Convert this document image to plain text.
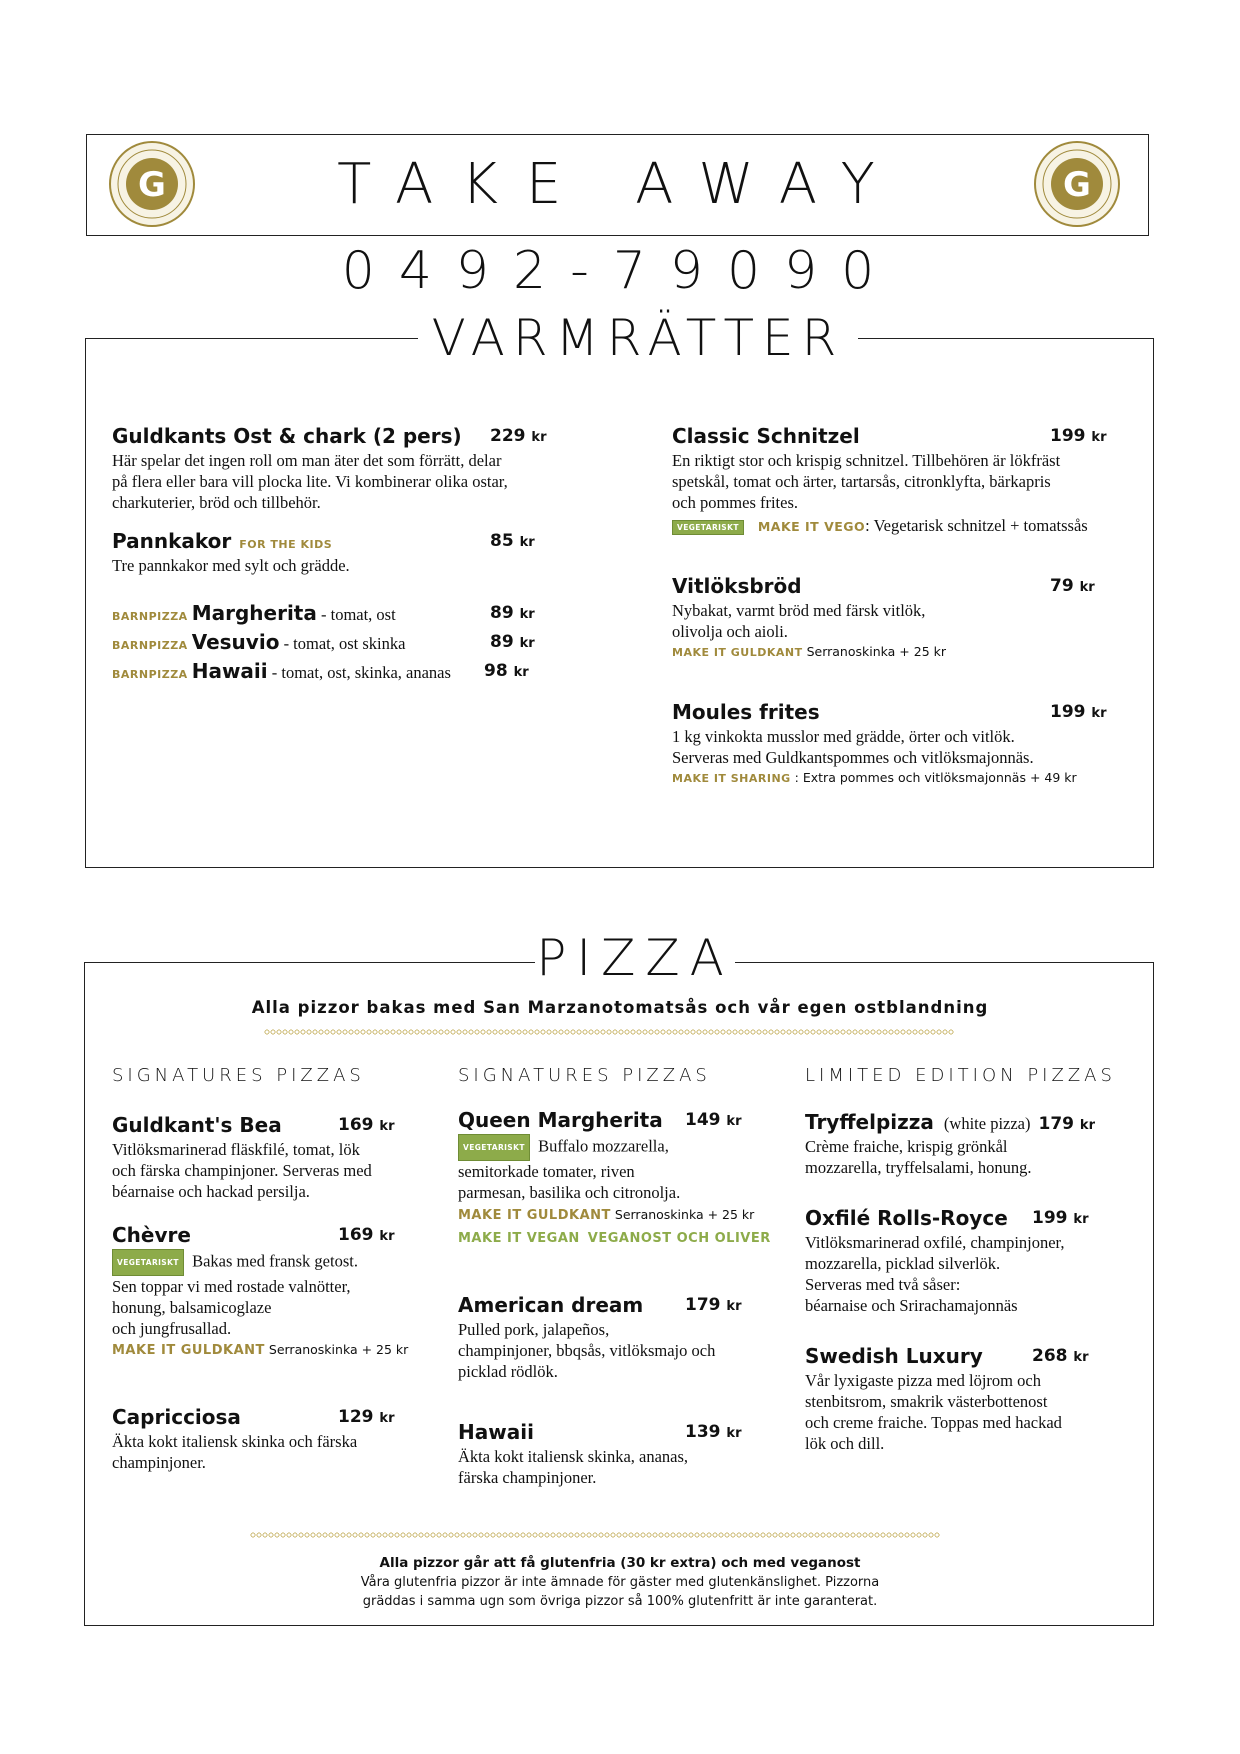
G	G
TAKE AWAY
0492-79090
VARMRÄTTER
Guldkants Ost & chark (2 pers) 229 kr
Här spelar det ingen roll om man äter det som förrätt, delar
på flera eller bara vill plocka lite. Vi kombinerar olika ostar,
charkuterier, bröd och tillbehör.
Pannkakor FOR THE KIDS	85 kr
Tre pannkakor med sylt och grädde.
BARNPIZZA Margherita - tomat, ost	89 kr
BARNPIZZA Vesuvio - tomat, ost skinka	89 kr
BARNPIZZA Hawaii - tomat, ost, skinka, ananas 98 kr
Classic Schnitzel	199 kr
En riktigt stor och krispig schnitzel. Tillbehören är lökfräst
spetskål, tomat och ärter, tartarsås, citronklyfta, bärkapris
och pommes frites.
VEGETARISKT MAKE IT VEGO: Vegetarisk schnitzel + tomatssås
Vitlöksbröd	79 kr
Nybakat, varmt bröd med färsk vitlök,
olivolja och aioli.
MAKE IT GULDKANT Serranoskinka + 25 kr
Moules frites	199 kr
1 kg vinkokta musslor med grädde, örter och vitlök.
Serveras med Guldkantspommes och vitlöksmajonnäs.
MAKE IT SHARING : Extra pommes och vitlöksmajonnäs + 49 kr
PIZZA
Alla pizzor bakas med San Marzanotomatsås och vår egen ostblandning
SIGNATURES PIZZAS
Guldkant's Bea	169 kr
Vitlöksmarinerad fläskfilé, tomat, lök
och färska champinjoner. Serveras med
béarnaise och hackad persilja.
Chèvre	169 kr
VEGETARISKT Bakas med fransk getost.
Sen toppar vi med rostade valnötter,
honung, balsamicoglaze
och jungfrusallad.
MAKE IT GULDKANT Serranoskinka + 25 kr
Capricciosa	129 kr
Äkta kokt italiensk skinka och färska
champinjoner.
SIGNATURES PIZZAS
Queen Margherita 149 kr
VEGETARISKT Buffalo mozzarella,
semitorkade tomater, riven
parmesan, basilika och citronolja.
MAKE IT GULDKANT Serranoskinka + 25 kr
MAKE IT VEGAN VEGANOST OCH OLIVER
American dream 179 kr
Pulled pork, jalapeños,
champinjoner, bbqsås, vitlöksmajo och
picklad rödlök.
Hawaii	139 kr
Äkta kokt italiensk skinka, ananas,
färska champinjoner.
LIMITED EDITION PIZZAS
Tryffelpizza (white pizza) 179 kr
Crème fraiche, krispig grönkål
mozzarella, tryffelsalami, honung.
Oxfilé Rolls-Royce 199 kr
Vitlöksmarinerad oxfilé, champinjoner,
mozzarella, picklad silverlök.
Serveras med två såser:
béarnaise och Srirachamajonnäs
Swedish Luxury	268 kr
Vår lyxigaste pizza med löjrom och
stenbitsrom, smakrik västerbottenost
och creme fraiche. Toppas med hackad
lök och dill.
Alla pizzor går att få glutenfria (30 kr extra) och med veganost
Våra glutenfria pizzor är inte ämnade för gäster med glutenkänslighet. Pizzorna
gräddas i samma ugn som övriga pizzor så 100% glutenfritt är inte garanterat.
